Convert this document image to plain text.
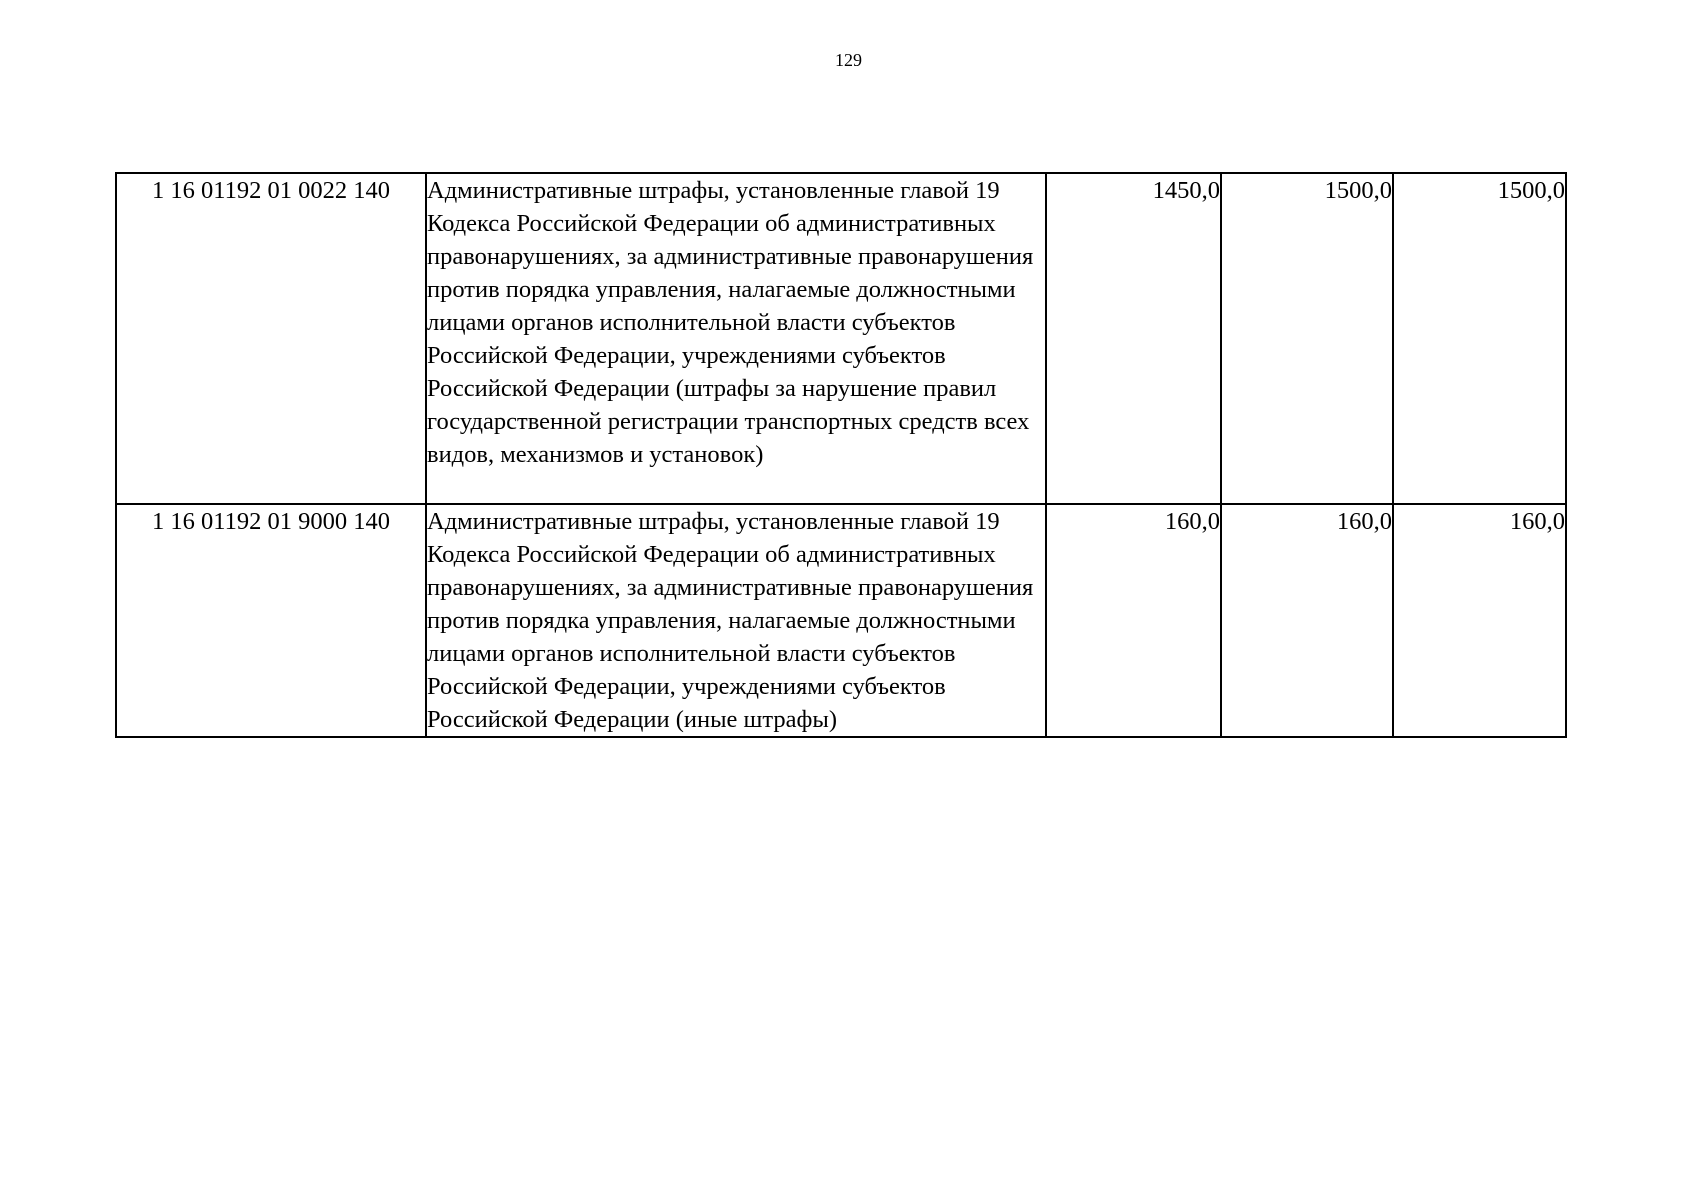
129
1 16 01192 01 0022 140	Административные штрафы, установленные главой 19 Кодекса Российской Федерации об административных правонарушениях, за административные правонарушения против порядка управления, налагаемые должностными лицами органов исполнительной власти субъектов Российской Федерации, учреждениями субъектов Российской Федерации (штрафы за нарушение правил государственной регистрации транспортных средств всех видов, механизмов и установок)	1450,0	1500,0	1500,0
1 16 01192 01 9000 140	Административные штрафы, установленные главой 19 Кодекса Российской Федерации об административных правонарушениях, за административные правонарушения против порядка управления, налагаемые должностными лицами органов исполнительной власти субъектов Российской Федерации, учреждениями субъектов Российской Федерации (иные штрафы)	160,0	160,0	160,0
